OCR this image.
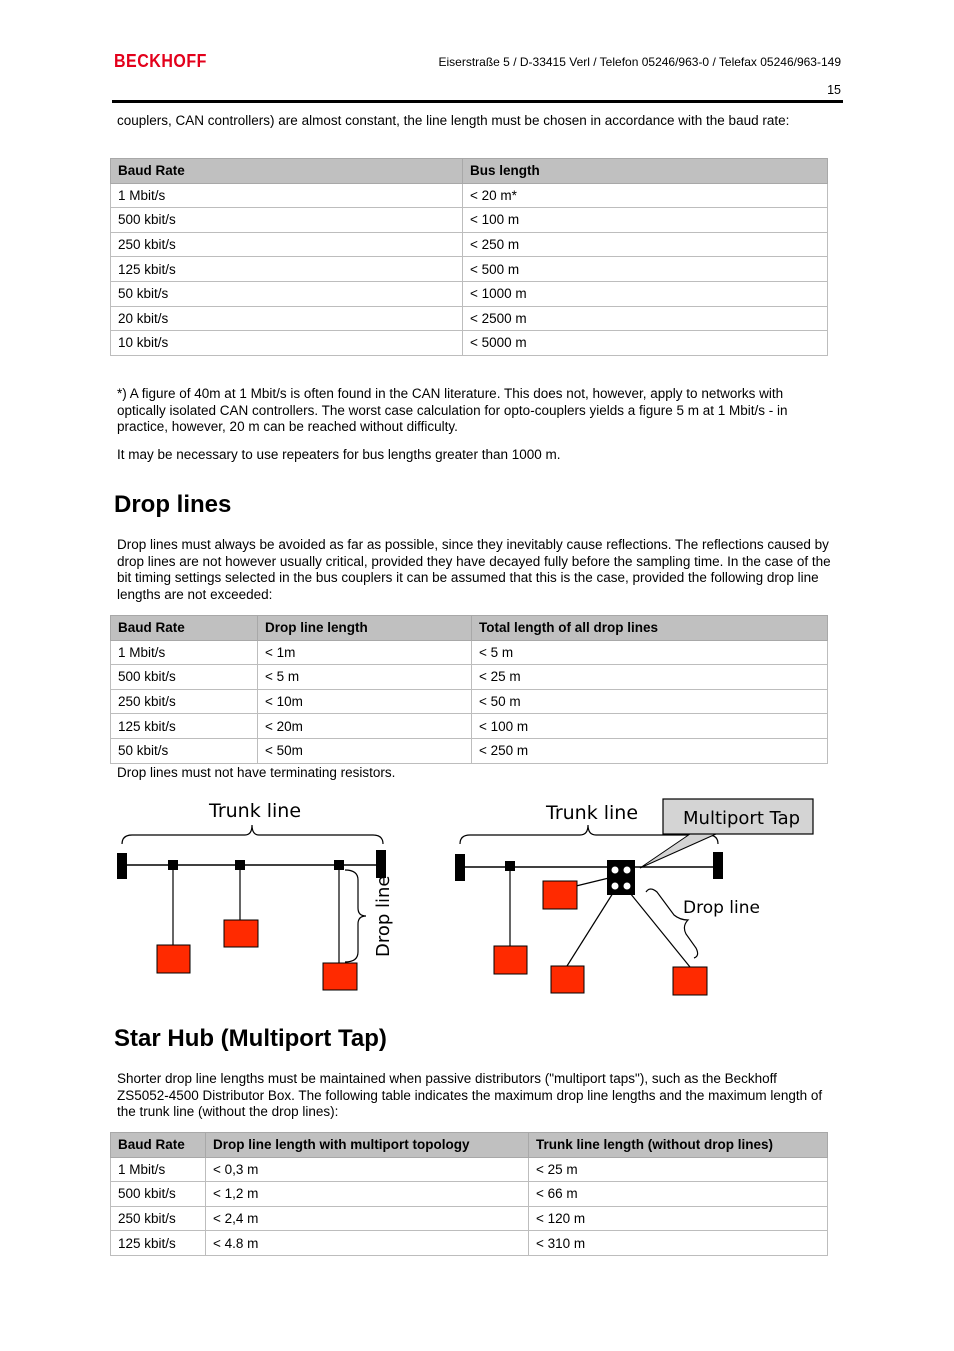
BECKHOFF	Eiserstraße 5 / D-33415 Verl / Telefon 05246/963-0 / Telefax 05246/963-149
15
couplers, CAN controllers) are almost constant, the line length must be chosen in accordance with the baud rate:
Baud Rate	Bus length
1 Mbit/s	< 20 m*
500 kbit/s	< 100 m
250 kbit/s	< 250 m
125 kbit/s	< 500 m
50 kbit/s	< 1000 m
20 kbit/s	< 2500 m
10 kbit/s	< 5000 m
*) A figure of 40m at 1 Mbit/s is often found in the CAN literature. This does not, however, apply to networks with optically isolated CAN controllers. The worst case calculation for opto-couplers yields a figure 5 m at 1 Mbit/s - in practice, however, 20 m can be reached without difficulty.
It may be necessary to use repeaters for bus lengths greater than 1000 m.
Drop lines
Drop lines must always be avoided as far as possible, since they inevitably cause reflections. The reflections caused by drop lines are not however usually critical, provided they have decayed fully before the sampling time. In the case of the bit timing settings selected in the bus couplers it can be assumed that this is the case, provided the following drop line lengths are not exceeded:
Baud Rate	Drop line length	Total length of all drop lines
1 Mbit/s	< 1m	< 5 m
500 kbit/s	< 5 m	< 25 m
250 kbit/s	< 10m	< 50 m
125 kbit/s	< 20m	< 100 m
50 kbit/s	< 50m	< 250 m
Drop lines must not have terminating resistors.
Trunk line
Drop line
Trunk line Multiport Tap
Drop line
Star Hub (Multiport Tap)
Shorter drop line lengths must be maintained when passive distributors ("multiport taps"), such as the Beckhoff ZS5052-4500 Distributor Box. The following table indicates the maximum drop line lengths and the maximum length of the trunk line (without the drop lines):
Baud Rate	Drop line length with multiport topology	Trunk line length (without drop lines)
1 Mbit/s	< 0,3 m	< 25 m
500 kbit/s	< 1,2 m	< 66 m
250 kbit/s	< 2,4 m	< 120 m
125 kbit/s	< 4.8 m	< 310 m
